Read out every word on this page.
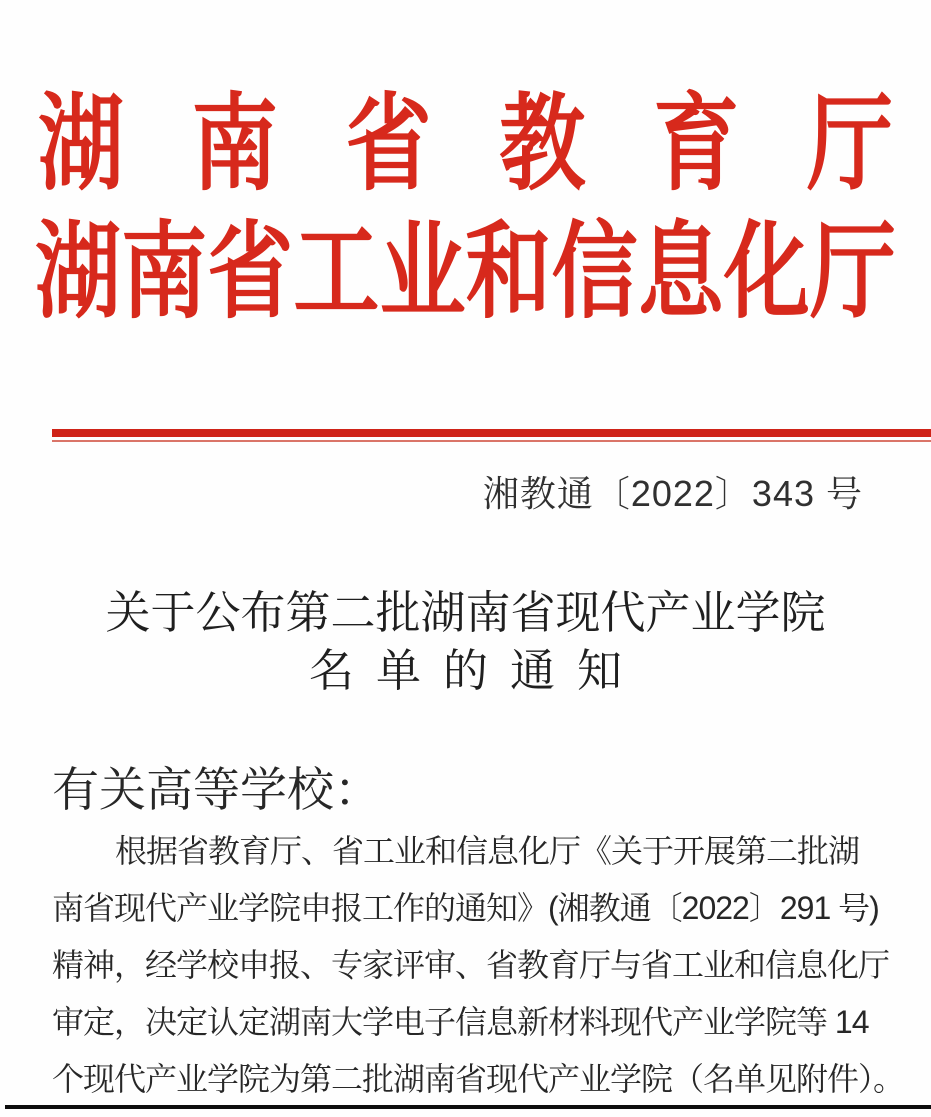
湖 南 省 教 育 厅
湖 南 省 工 业 和 信 息 化 厅
湘教通〔2022〕343 号
关于公布第二批湖南省现代产业学院
名单的通知
有关高等学校：
根据省教育厅、省工业和信息化厅《关于开展第二批湖
南省现代产业学院申报工作的通知》(湘教通〔2022〕291 号)
精神，经学校申报、专家评审、省教育厅与省工业和信息化厅
审定，决定认定湖南大学电子信息新材料现代产业学院等 14
个现代产业学院为第二批湖南省现代产业学院（名单见附件）。
